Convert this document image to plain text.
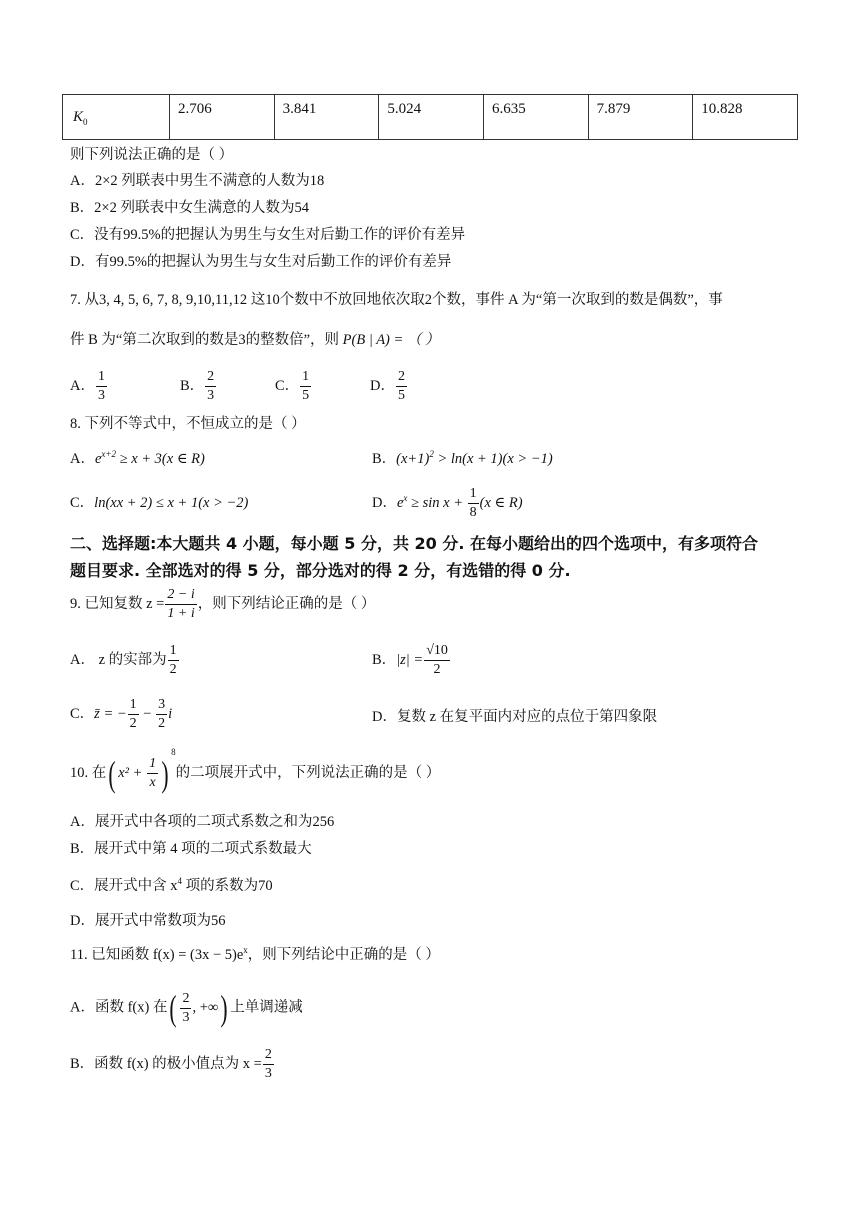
$K_0$	2.706	3.841	5.024	6.635	7.879	10.828
则下列说法正确的是（ ）
A．2×2 列联表中男生不满意的人数为18
B．2×2 列联表中女生满意的人数为54
C．没有99.5%的把握认为男生与女生对后勤工作的评价有差异
D．有99.5%的把握认为男生与女生对后勤工作的评价有差异
7. 从3, 4, 5, 6, 7, 8, 9,10,11,12 这10个数中不放回地依次取2个数，事件 A 为“第一次取到的数是偶数”，事
件 B 为“第二次取到的数是3的整数倍”，则 P(B | A) = （ ）
A． $\frac{1}{3}$	B． $\frac{2}{3}$	C． $\frac{1}{5}$	D． $\frac{2}{5}$
8. 下列不等式中，不恒成立的是（ ）
A．$e^{x+2} \ge x + 3(x$ ∈ R)	B．$(x+1)^2 > \ln(x + 1)(x > -1)$
C．ln(xx + 2) ≤ x + 1(x > −2)	D．$e^x \ge \sin x + \frac{1}{8} (x$ ∈ R)
二、选择题:本大题共 4 小题，每小题 5 分，共 20 分. 在每小题给出的四个选项中，有多项符合
题目要求. 全部选对的得 5 分，部分选对的得 2 分，有选错的得 0 分.
9. 已知复数 $z = \frac{2 - i}{1 + i}$ ，则下列结论正确的是（ ）
A． z 的实部为 $\frac{1}{2}$	B．$|z| = \frac{√10}{2}$
C．z̄ = − $\frac{1}{2} - \frac{3}{2}$ i	D．复数 z 在复平面内对应的点位于第四象限
10. 在( $x^2 + \frac{1}{x} )^8$的二项展开式中，下列说法正确的是（ ）
A．展开式中各项的二项式系数之和为256
B．展开式中第 4 项的二项式系数最大
C．展开式中含 $x^4$ 项的系数为70
D．展开式中常数项为56
11. 已知函数 $f(x) = (3x - 5)e^x$，则下列结论中正确的是（ ）
A．函数 f(x) 在( $\frac{2}{3}$ , +∞) 上单调递减
B．函数 f(x) 的极小值点为 $x = \frac{2}{3}$
